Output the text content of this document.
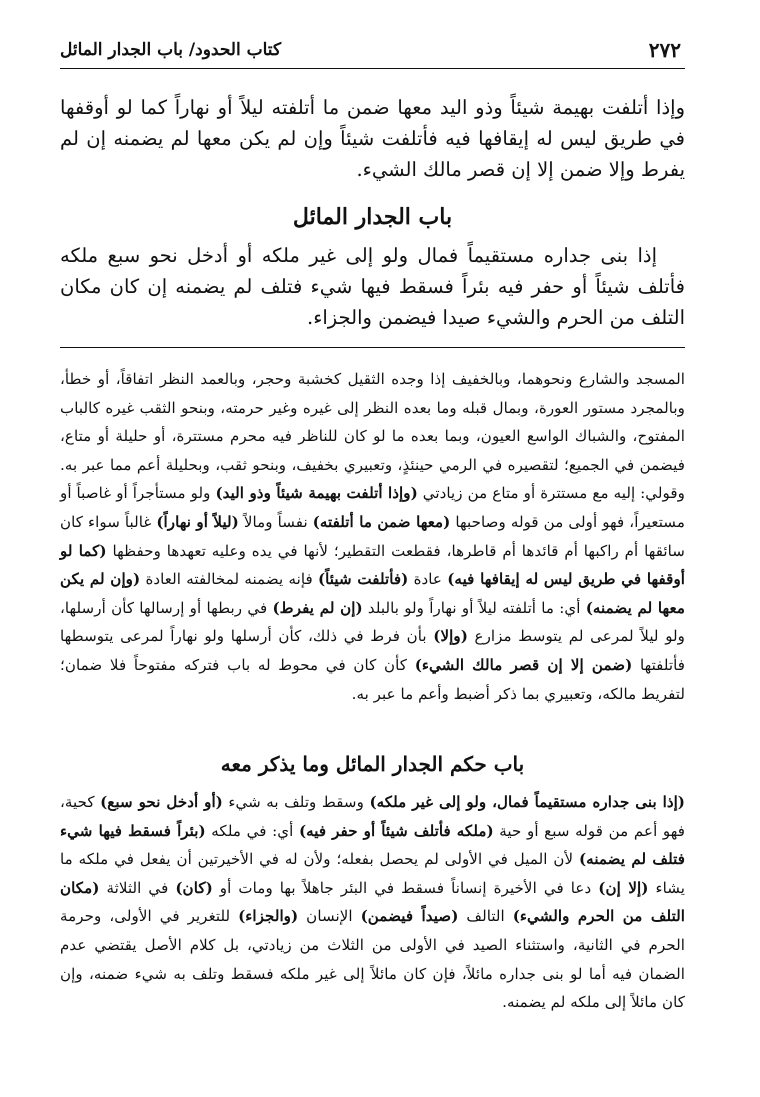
كتاب الحدود/ باب الجدار المائل	٢٧٢
وإذا أتلفت بهيمة شيئاً وذو اليد معها ضمن ما أتلفته ليلاً أو نهاراً كما لو أوقفها في طريق ليس له إيقافها فيه فأتلفت شيئاً وإن لم يكن معها لم يضمنه إن لم يفرط وإلا ضمن إلا إن قصر مالك الشيء.
باب الجدار المائل
إذا بنى جداره مستقيماً فمال ولو إلى غير ملكه أو أدخل نحو سبع ملكه فأتلف شيئاً أو حفر فيه بئراً فسقط فيها شيء فتلف لم يضمنه إن كان مكان التلف من الحرم والشيء صيدا فيضمن والجزاء.
المسجد والشارع ونحوهما، وبالخفيف إذا وجده الثقيل كخشبة وحجر، وبالعمد النظر اتفاقاً، أو خطأ، وبالمجرد مستور العورة، وبمال قبله وما بعده النظر إلى غيره وغير حرمته، وبنحو الثقب غيره كالباب المفتوح، والشباك الواسع العيون، وبما بعده ما لو كان للناظر فيه محرم مستترة، أو حليلة أو متاع، فيضمن في الجميع؛ لتقصيره في الرمي حينئذٍ، وتعبيري بخفيف، وبنحو ثقب، وبحليلة أعم مما عبر به. وقولي: إليه مع مستترة أو متاع من زيادتي (وإذا أتلفت بهيمة شيئاً وذو اليد) ولو مستأجراً أو غاصباً أو مستعيراً، فهو أولى من قوله وصاحبها (معها ضمن ما أتلفته) نفساً ومالاً (ليلاً أو نهاراً) غالباً سواء كان سائقها أم راكبها أم قائدها أم قاطرها، فقطعت التقطير؛ لأنها في يده وعليه تعهدها وحفظها (كما لو أوقفها في طريق ليس له إيقافها فيه) عادة (فأتلفت شيئاً) فإنه يضمنه لمخالفته العادة (وإن لم يكن معها لم يضمنه) أي: ما أتلفته ليلاً أو نهاراً ولو بالبلد (إن لم يفرط) في ربطها أو إرسالها كأن أرسلها، ولو ليلاً لمرعى لم يتوسط مزارع (وإلا) بأن فرط في ذلك، كأن أرسلها ولو نهاراً لمرعى يتوسطها فأتلفتها (ضمن إلا إن قصر مالك الشيء) كأن كان في محوط له باب فتركه مفتوحاً فلا ضمان؛ لتفريط مالكه، وتعبيري بما ذكر أضبط وأعم ما عبر به.
باب حكم الجدار المائل وما يذكر معه
(إذا بنى جداره مستقيماً فمال، ولو إلى غير ملكه) وسقط وتلف به شيء (أو أدخل نحو سبع) كحية، فهو أعم من قوله سبع أو حية (ملكه فأتلف شيئاً أو حفر فيه) أي: في ملكه (بئراً فسقط فيها شيء فتلف لم يضمنه) لأن الميل في الأولى لم يحصل بفعله؛ ولأن له في الأخيرتين أن يفعل في ملكه ما يشاء (إلا إن) دعا في الأخيرة إنساناً فسقط في البئر جاهلاً بها ومات أو (كان) في الثلاثة (مكان التلف من الحرم والشيء) التالف (صيداً فيضمن) الإنسان (والجزاء) للتغرير في الأولى، وحرمة الحرم في الثانية، واستثناء الصيد في الأولى من الثلاث من زيادتي، بل كلام الأصل يقتضي عدم الضمان فيه أما لو بنى جداره مائلاً، فإن كان مائلاً إلى غير ملكه فسقط وتلف به شيء ضمنه، وإن كان مائلاً إلى ملكه لم يضمنه.
